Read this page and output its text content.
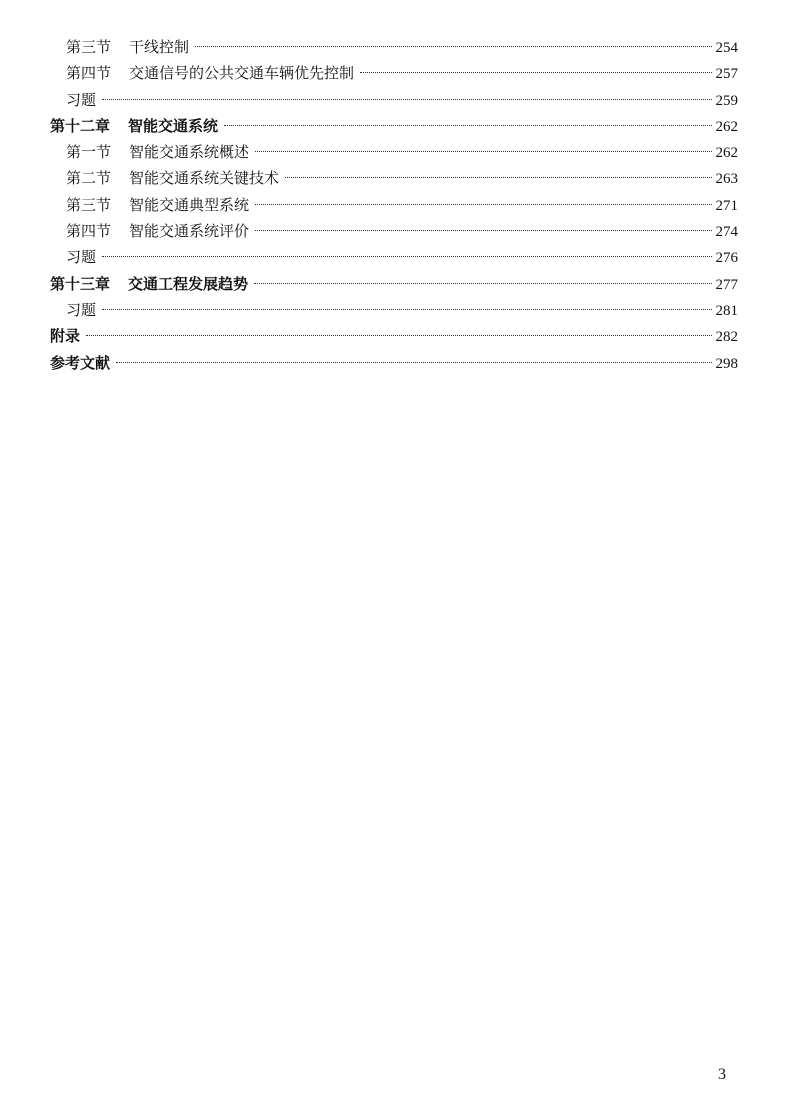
第三节 干线控制	254
第四节 交通信号的公共交通车辆优先控制	257
习题	259
第十二章 智能交通系统	262
第一节 智能交通系统概述	262
第二节 智能交通系统关键技术	263
第三节 智能交通典型系统	271
第四节 智能交通系统评价	274
习题	276
第十三章 交通工程发展趋势	277
习题	281
附录	282
参考文献	298
3
